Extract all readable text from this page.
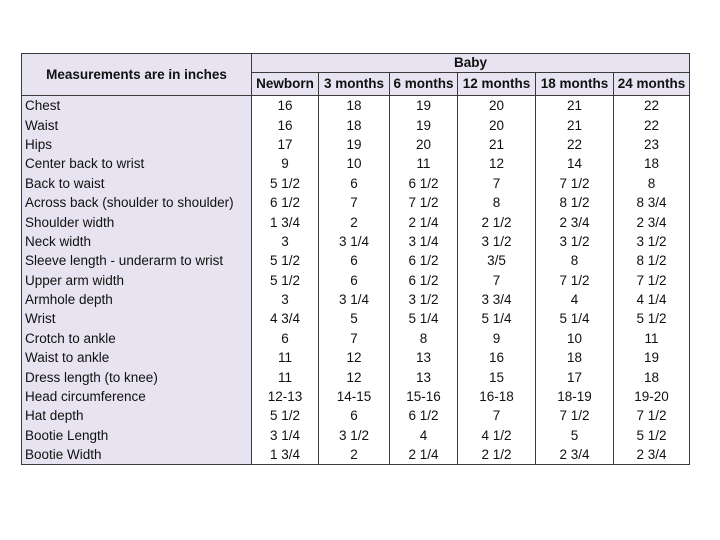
Measurements are in inches	Baby					
	Newborn	3 months	6 months	12 months	18 months	24 months
Chest	16	18	19	20	21	22
Waist	16	18	19	20	21	22
Hips	17	19	20	21	22	23
Center back to wrist	9	10	11	12	14	18
Back to waist	5 1/2	6	6 1/2	7	7 1/2	8
Across back (shoulder to shoulder)	6 1/2	7	7 1/2	8	8 1/2	8 3/4
Shoulder width	1 3/4	2	2 1/4	2 1/2	2 3/4	2 3/4
Neck width	3	3 1/4	3 1/4	3 1/2	3 1/2	3 1/2
Sleeve length - underarm to wrist	5 1/2	6	6 1/2	3/5	8	8 1/2
Upper arm width	5 1/2	6	6 1/2	7	7 1/2	7 1/2
Armhole depth	3	3 1/4	3 1/2	3 3/4	4	4 1/4
Wrist	4 3/4	5	5 1/4	5 1/4	5 1/4	5 1/2
Crotch to ankle	6	7	8	9	10	11
Waist to ankle	11	12	13	16	18	19
Dress length (to knee)	11	12	13	15	17	18
Head circumference	12-13	14-15	15-16	16-18	18-19	19-20
Hat depth	5 1/2	6	6 1/2	7	7 1/2	7 1/2
Bootie Length	3 1/4	3 1/2	4	4 1/2	5	5 1/2
Bootie Width	1 3/4	2	2 1/4	2 1/2	2 3/4	2 3/4
